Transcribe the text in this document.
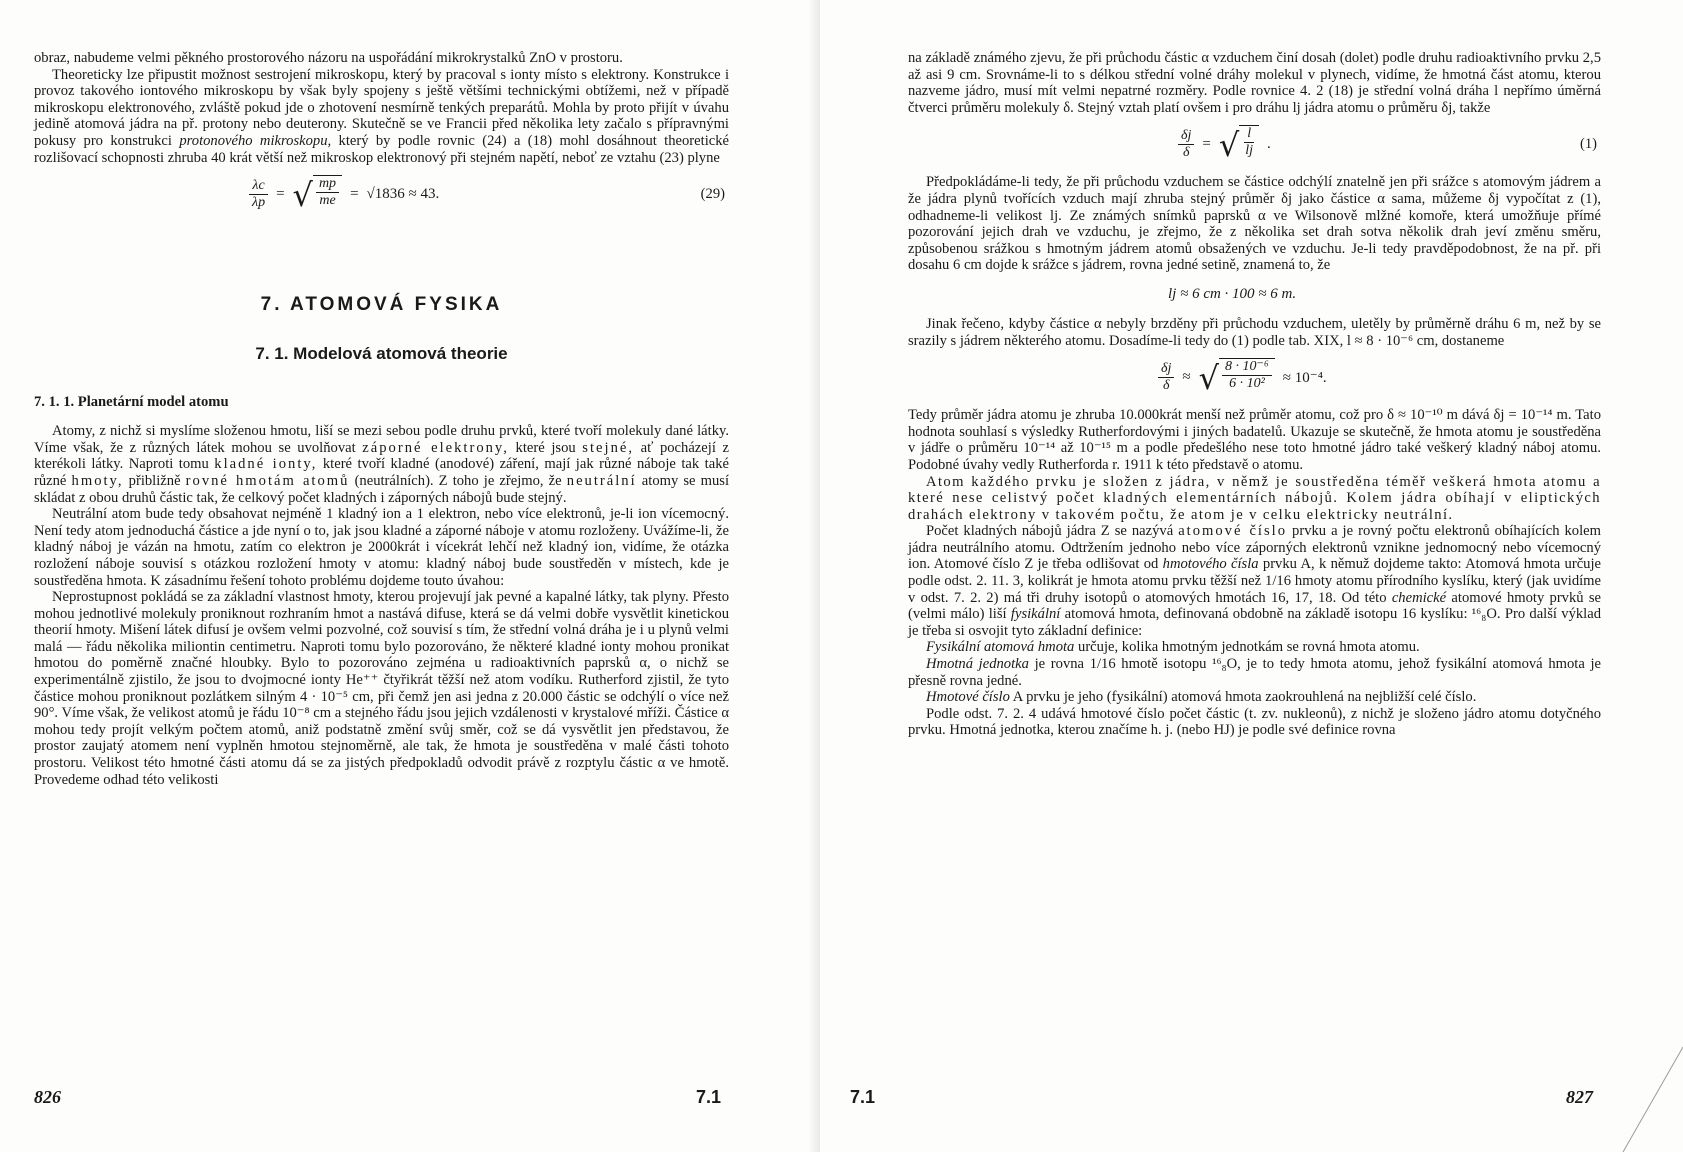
obraz, nabudeme velmi pěkného prostorového názoru na uspořádání mikrokrystalků ZnO v prostoru.

Theoreticky lze připustit možnost sestrojení mikroskopu, který by pracoval s ionty místo s elektrony. Konstrukce i provoz takového iontového mikroskopu by však byly spojeny s ještě většími technickými obtížemi, než v případě mikroskopu elektronového, zvláště pokud jde o zhotovení nesmírně tenkých preparátů. Mohla by proto přijít v úvahu jedině atomová jádra na př. protony nebo deuterony. Skutečně se ve Francii před několika lety začalo s přípravnými pokusy pro konstrukci protonového mikroskopu, který by podle rovnic (24) a (18) mohl dosáhnout theoretické rozlišovací schopnosti zhruba 40 krát větší než mikroskop elektronový při stejném napětí, neboť ze vztahu (23) plyne

$\frac{\lambda c}{\lambda p}$ = √ $\frac{mp}{me} = √1836 \approx 43$.	(29)
7. ATOMOVÁ FYSIKA
7. 1. Modelová atomová theorie
7. 1. 1. Planetární model atomu

Atomy, z nichž si myslíme složenou hmotu, liší se mezi sebou podle druhu prvků, které tvoří molekuly dané látky. Víme však, že z různých látek mohou se uvolňovat záporné elektrony, které jsou stejné, ať pocházejí z kterékoli látky. Naproti tomu kladné ionty, které tvoří kladné (anodové) záření, mají jak různé náboje tak také různé hmoty, přibližně rovné hmotám atomů (neutrálních). Z toho je zřejmo, že neutrální atomy se musí skládat z obou druhů částic tak, že celkový počet kladných i záporných nábojů bude stejný.

Neutrální atom bude tedy obsahovat nejméně 1 kladný ion a 1 elektron, nebo více elektronů, je-li ion vícemocný. Není tedy atom jednoduchá částice a jde nyní o to, jak jsou kladné a záporné náboje v atomu rozloženy. Uvážíme-li, že kladný náboj je vázán na hmotu, zatím co elektron je 2000krát i vícekrát lehčí než kladný ion, vidíme, že otázka rozložení náboje souvisí s otázkou rozložení hmoty v atomu: kladný náboj bude soustředěn v místech, kde je soustředěna hmota. K zásadnímu řešení tohoto problému dojdeme touto úvahou:

Neprostupnost pokládá se za základní vlastnost hmoty, kterou projevují jak pevné a kapalné látky, tak plyny. Přesto mohou jednotlivé molekuly proniknout rozhraním hmot a nastává difuse, která se dá velmi dobře vysvětlit kinetickou theorií hmoty. Mišení látek difusí je ovšem velmi pozvolné, což souvisí s tím, že střední volná dráha je i u plynů velmi malá — řádu několika miliontin centimetru. Naproti tomu bylo pozorováno, že některé kladné ionty mohou pronikat hmotou do poměrně značné hloubky. Bylo to pozorováno zejména u radioaktivních paprsků α, o nichž se experimentálně zjistilo, že jsou to dvojmocné ionty He⁺⁺ čtyřikrát těžší než atom vodíku. Rutherford zjistil, že tyto částice mohou proniknout pozlátkem silným 4 · 10⁻⁵ cm, při čemž jen asi jedna z 20.000 částic se odchýlí o více než 90°. Víme však, že velikost atomů je řádu 10⁻⁸ cm a stejného řádu jsou jejich vzdálenosti v krystalové mříži. Částice α mohou tedy projít velkým počtem atomů, aniž podstatně změní svůj směr, což se dá vysvětlit jen představou, že prostor zaujatý atomem není vyplněn hmotou stejnoměrně, ale tak, že hmota je soustředěna v malé části tohoto prostoru. Velikost této hmotné části atomu dá se za jistých předpokladů odvodit právě z rozptylu částic α ve hmotě. Provedeme odhad této velikosti

826	7.1

na základě známého zjevu, že při průchodu částic α vzduchem činí dosah (dolet) podle druhu radioaktivního prvku 2,5 až asi 9 cm. Srovnáme-li to s délkou střední volné dráhy molekul v plynech, vidíme, že hmotná část atomu, kterou nazveme jádro, musí mít velmi nepatrné rozměry. Podle rovnice 4. 2 (18) je střední volná dráha l nepřímo úměrná čtverci průměru molekuly δ. Stejný vztah platí ovšem i pro dráhu lj jádra atomu o průměru δj, takže

$\frac{\delta j}{\delta}$ = √ $\frac{l}{lj}$ .	(1)

Předpokládáme-li tedy, že při průchodu vzduchem se částice odchýlí znatelně jen při srážce s atomovým jádrem a že jádra plynů tvořících vzduch mají zhruba stejný průměr δj jako částice α sama, můžeme δj vypočítat z (1), odhadneme-li velikost lj. Ze známých snímků paprsků α ve Wilsonově mlžné komoře, která umožňuje přímé pozorování jejich drah ve vzduchu, je zřejmo, že z několika set drah sotva několik drah jeví změnu směru, způsobenou srážkou s hmotným jádrem atomů obsažených ve vzduchu. Je-li tedy pravděpodobnost, že na př. při dosahu 6 cm dojde k srážce s jádrem, rovna jedné setině, znamená to, že

lj ≈ 6 cm · 100 ≈ 6 m.

Jinak řečeno, kdyby částice α nebyly brzděny při průchodu vzduchem, uletěly by průměrně dráhu 6 m, než by se srazily s jádrem některého atomu. Dosadíme-li tedy do (1) podle tab. XIX, l ≈ 8 · 10⁻⁶ cm, dostaneme

$\frac{\delta j}{\delta}$ ≈ √ $\frac{\text{8 · 10⁻⁶}}{\text{6 · 10²}} \approx 10^{-4}$.

Tedy průměr jádra atomu je zhruba 10.000krát menší než průměr atomu, což pro δ ≈ 10⁻¹⁰ m dává δj = 10⁻¹⁴ m. Tato hodnota souhlasí s výsledky Rutherfordovými i jiných badatelů. Ukazuje se skutečně, že hmota atomu je soustředěna v jádře o průměru 10⁻¹⁴ až 10⁻¹⁵ m a podle předešlého nese toto hmotné jádro také veškerý kladný náboj atomu. Podobné úvahy vedly Rutherforda r. 1911 k této představě o atomu.

Atom každého prvku je složen z jádra, v němž je soustředěna téměř veškerá hmota atomu a které nese celistvý počet kladných elementárních nábojů. Kolem jádra obíhají v eliptických drahách elektrony v takovém počtu, že atom je v celku elektricky neutrální.

Počet kladných nábojů jádra Z se nazývá atomové číslo prvku a je rovný počtu elektronů obíhajících kolem jádra neutrálního atomu. Odtržením jednoho nebo více záporných elektronů vznikne jednomocný nebo vícemocný ion. Atomové číslo Z je třeba odlišovat od hmotového čísla prvku A, k němuž dojdeme takto: Atomová hmota určuje podle odst. 2. 11. 3, kolikrát je hmota atomu prvku těžší než 1/16 hmoty atomu přírodního kyslíku, který (jak uvidíme v odst. 7. 2. 2) má tři druhy isotopů o atomových hmotách 16, 17, 18. Od této chemické atomové hmoty prvků se (velmi málo) liší fysikální atomová hmota, definovaná obdobně na základě isotopu 16 kyslíku: ¹⁶₈O. Pro další výklad je třeba si osvojit tyto základní definice:

Fysikální atomová hmota určuje, kolika hmotným jednotkám se rovná hmota atomu.

Hmotná jednotka je rovna 1/16 hmotě isotopu ¹⁶₈O, je to tedy hmota atomu, jehož fysikální atomová hmota je přesně rovna jedné.

Hmotové číslo A prvku je jeho (fysikální) atomová hmota zaokrouhlená na nejbližší celé číslo.

Podle odst. 7. 2. 4 udává hmotové číslo počet částic (t. zv. nukleonů), z nichž je složeno jádro atomu dotyčného prvku. Hmotná jednotka, kterou značíme h. j. (nebo HJ) je podle své definice rovna

7.1	827
